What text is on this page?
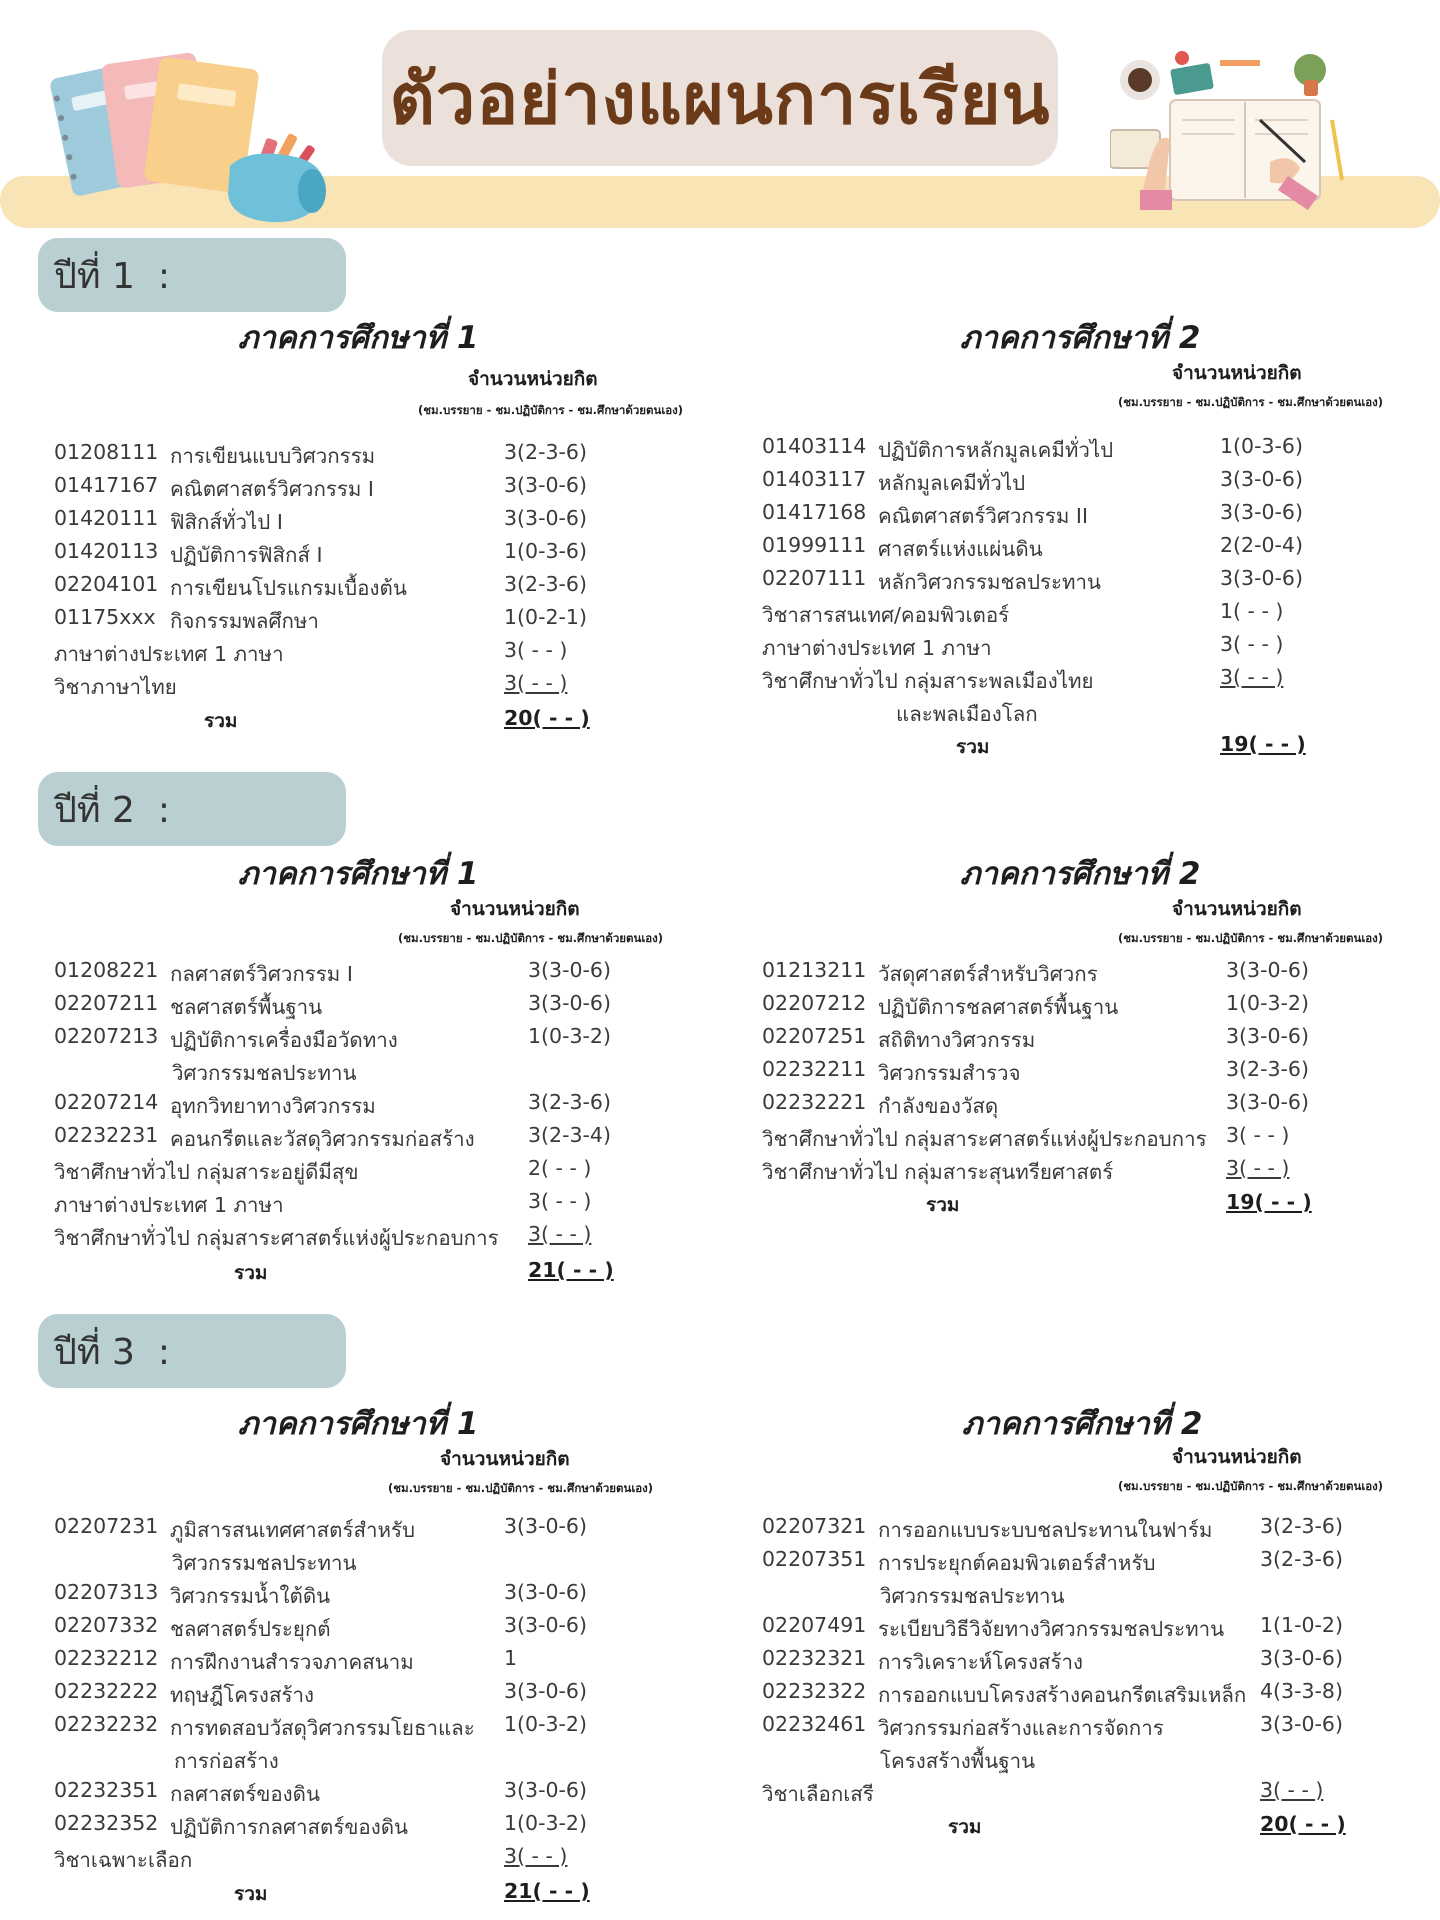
ตัวอย่างแผนการเรียน
ปีที่ 1  :
ภาคการศึกษาที่ 1
จำนวนหน่วยกิต
(ชม.บรรยาย - ชม.ปฏิบัติการ - ชม.ศึกษาด้วยตนเอง)
01208111 การเขียนแบบวิศวกรรม	3(2-3-6)
01417167 คณิตศาสตร์วิศวกรรม I	3(3-0-6)
01420111 ฟิสิกส์ทั่วไป I	3(3-0-6)
01420113 ปฏิบัติการฟิสิกส์ I	1(0-3-6)
02204101 การเขียนโปรแกรมเบื้องต้น	3(2-3-6)
01175xxx กิจกรรมพลศึกษา	1(0-2-1)
ภาษาต่างประเทศ 1 ภาษา	3( - - )
วิชาภาษาไทย	3( - - )
รวม	20( - - )
ภาคการศึกษาที่ 2
จำนวนหน่วยกิต
(ชม.บรรยาย - ชม.ปฏิบัติการ - ชม.ศึกษาด้วยตนเอง)
01403114 ปฏิบัติการหลักมูลเคมีทั่วไป	1(0-3-6)
01403117 หลักมูลเคมีทั่วไป	3(3-0-6)
01417168 คณิตศาสตร์วิศวกรรม II	3(3-0-6)
01999111 ศาสตร์แห่งแผ่นดิน	2(2-0-4)
02207111 หลักวิศวกรรมชลประทาน	3(3-0-6)
วิชาสารสนเทศ/คอมพิวเตอร์	1( - - )
ภาษาต่างประเทศ 1 ภาษา	3( - - )
วิชาศึกษาทั่วไป กลุ่มสาระพลเมืองไทย	3( - - )
และพลเมืองโลก
รวม	19( - - )
ปีที่ 2  :
ภาคการศึกษาที่ 1
จำนวนหน่วยกิต
(ชม.บรรยาย - ชม.ปฏิบัติการ - ชม.ศึกษาด้วยตนเอง)
01208221 กลศาสตร์วิศวกรรม I	3(3-0-6)
02207211 ชลศาสตร์พื้นฐาน	3(3-0-6)
02207213 ปฏิบัติการเครื่องมือวัดทาง	1(0-3-2)
วิศวกรรมชลประทาน
02207214 อุทกวิทยาทางวิศวกรรม	3(2-3-6)
02232231 คอนกรีตและวัสดุวิศวกรรมก่อสร้าง	3(2-3-4)
วิชาศึกษาทั่วไป กลุ่มสาระอยู่ดีมีสุข	2( - - )
ภาษาต่างประเทศ 1 ภาษา	3( - - )
วิชาศึกษาทั่วไป กลุ่มสาระศาสตร์แห่งผู้ประกอบการ 3( - - )
รวม	21( - - )
ภาคการศึกษาที่ 2
จำนวนหน่วยกิต
(ชม.บรรยาย - ชม.ปฏิบัติการ - ชม.ศึกษาด้วยตนเอง)
01213211 วัสดุศาสตร์สำหรับวิศวกร	3(3-0-6)
02207212 ปฏิบัติการชลศาสตร์พื้นฐาน	1(0-3-2)
02207251 สถิติทางวิศวกรรม	3(3-0-6)
02232211 วิศวกรรมสำรวจ	3(2-3-6)
02232221 กำลังของวัสดุ	3(3-0-6)
วิชาศึกษาทั่วไป กลุ่มสาระศาสตร์แห่งผู้ประกอบการ 3( - - )
วิชาศึกษาทั่วไป กลุ่มสาระสุนทรียศาสตร์	3( - - )
รวม	19( - - )
ปีที่ 3  :
ภาคการศึกษาที่ 1
จำนวนหน่วยกิต
(ชม.บรรยาย - ชม.ปฏิบัติการ - ชม.ศึกษาด้วยตนเอง)
02207231 ภูมิสารสนเทศศาสตร์สำหรับ	3(3-0-6)
วิศวกรรมชลประทาน
02207313 วิศวกรรมน้ำใต้ดิน	3(3-0-6)
02207332 ชลศาสตร์ประยุกต์	3(3-0-6)
02232212 การฝึกงานสำรวจภาคสนาม	1
02232222 ทฤษฎีโครงสร้าง	3(3-0-6)
02232232 การทดสอบวัสดุวิศวกรรมโยธาและ 1(0-3-2)
การก่อสร้าง
02232351 กลศาสตร์ของดิน	3(3-0-6)
02232352 ปฏิบัติการกลศาสตร์ของดิน	1(0-3-2)
วิชาเฉพาะเลือก	3( - - )
รวม	21( - - )
ภาคการศึกษาที่ 2
จำนวนหน่วยกิต
(ชม.บรรยาย - ชม.ปฏิบัติการ - ชม.ศึกษาด้วยตนเอง)
02207321 การออกแบบระบบชลประทานในฟาร์ม 3(2-3-6)
02207351 การประยุกต์คอมพิวเตอร์สำหรับ	3(2-3-6)
วิศวกรรมชลประทาน
02207491 ระเบียบวิธีวิจัยทางวิศวกรรมชลประทาน 1(1-0-2)
02232321 การวิเคราะห์โครงสร้าง	3(3-0-6)
02232322 การออกแบบโครงสร้างคอนกรีตเสริมเหล็ก 4(3-3-8)
02232461 วิศวกรรมก่อสร้างและการจัดการ	3(3-0-6)
โครงสร้างพื้นฐาน
วิชาเลือกเสรี	3( - - )
รวม	20( - - )
